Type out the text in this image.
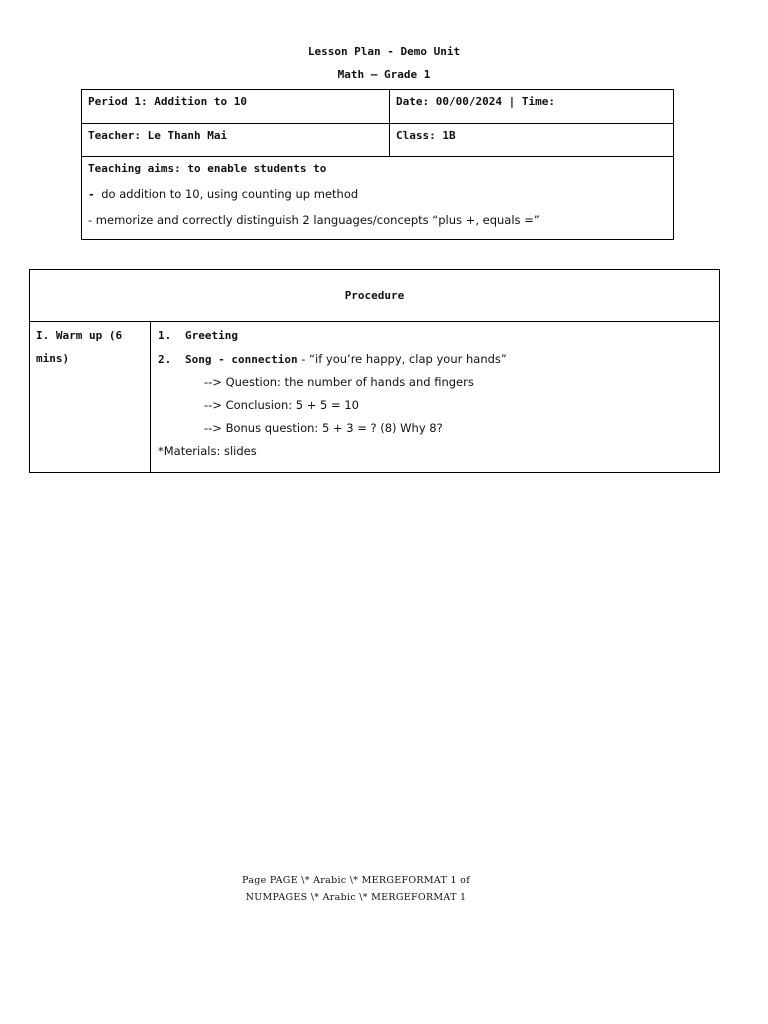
Lesson Plan - Demo Unit
Math – Grade 1
Period 1: Addition to 10	Date: 00/00/2024 | Time:
Teacher: Le Thanh Mai	Class: 1B

Teaching aims: to enable students to
- do addition to 10, using counting up method
- memorize and correctly distinguish 2 languages/concepts “plus +, equals =”	
Procedure

I. Warm up (6
mins)

1. Greeting
2. Song - connection - “if you’re happy, clap your hands”
--> Question: the number of hands and fingers
--> Conclusion: 5 + 5 = 10
--> Bonus question: 5 + 3 = ? (8) Why 8?
*Materials: slides
Page PAGE \* Arabic \* MERGEFORMAT 1 of
NUMPAGES \* Arabic \* MERGEFORMAT 1
